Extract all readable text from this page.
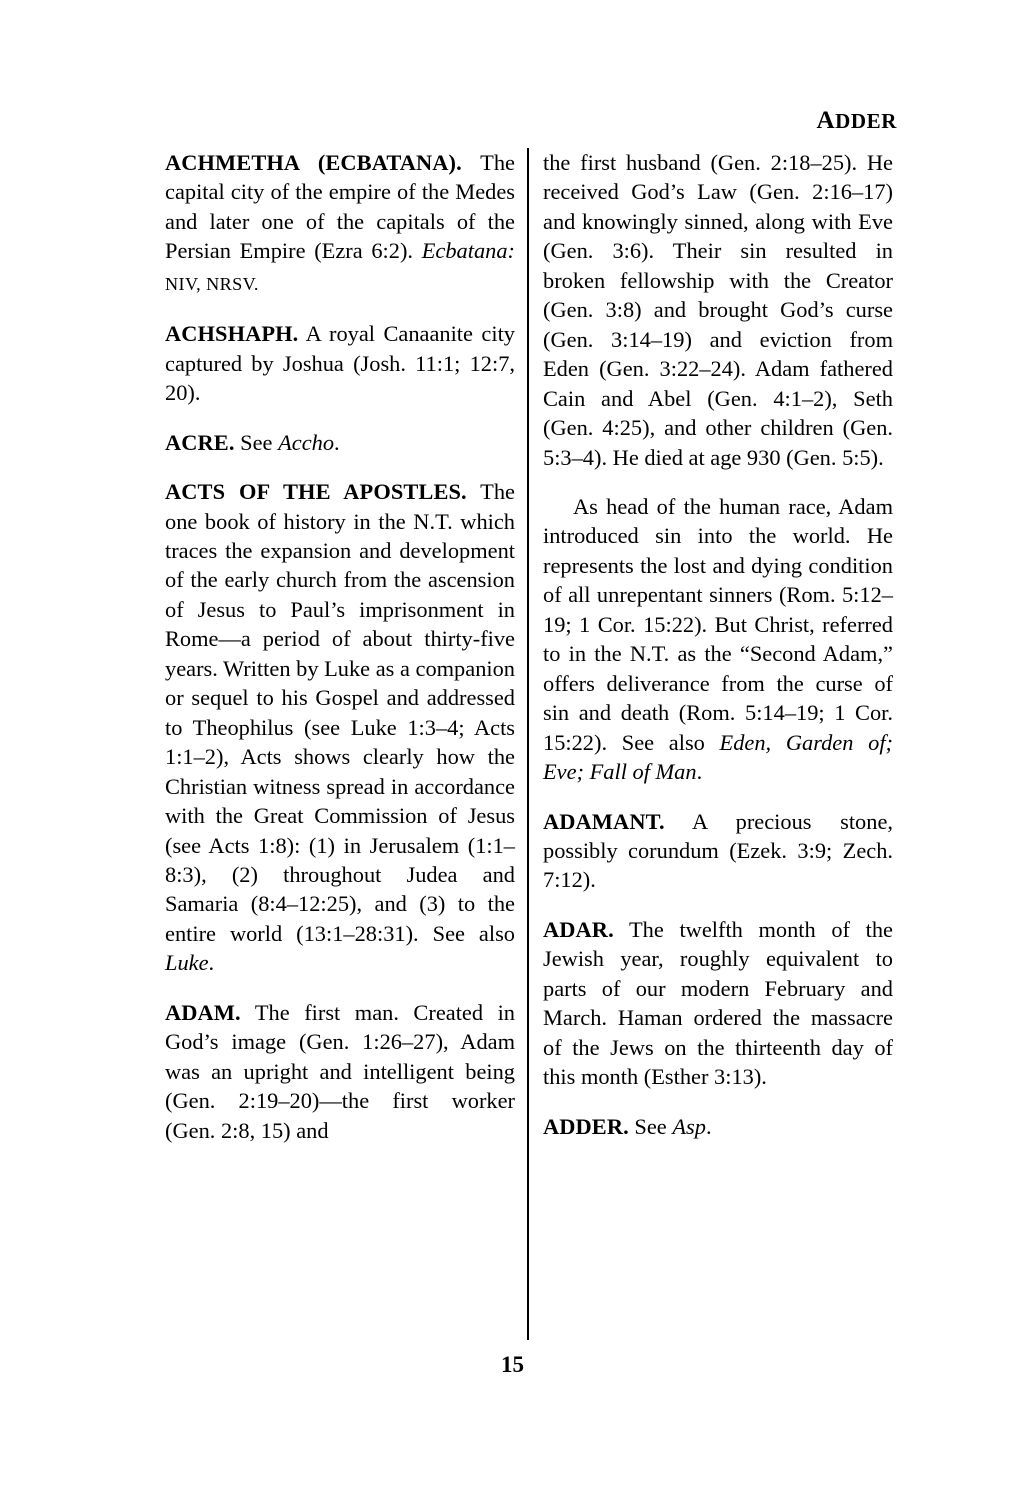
ADDER

ACHMETHA (ECBATANA). The capital city of the empire of the Medes and later one of the capitals of the Persian Empire (Ezra 6:2). Ecbatana: NIV, NRSV.

ACHSHAPH. A royal Canaanite city captured by Joshua (Josh. 11:1; 12:7, 20).

ACRE. See Accho.

ACTS OF THE APOSTLES. The one book of history in the N.T. which traces the expansion and development of the early church from the ascension of Jesus to Paul’s imprisonment in Rome—a period of about thirty-five years. Written by Luke as a companion or sequel to his Gospel and addressed to Theophilus (see Luke 1:3–4; Acts 1:1–2), Acts shows clearly how the Christian witness spread in accordance with the Great Commission of Jesus (see Acts 1:8): (1) in Jerusalem (1:1–8:3), (2) throughout Judea and Samaria (8:4–12:25), and (3) to the entire world (13:1–28:31). See also Luke.

ADAM. The first man. Created in God’s image (Gen. 1:26–27), Adam was an upright and intelligent being (Gen. 2:19–20)—the first worker (Gen. 2:8, 15) and

the first husband (Gen. 2:18–25). He received God’s Law (Gen. 2:16–17) and knowingly sinned, along with Eve (Gen. 3:6). Their sin resulted in broken fellowship with the Creator (Gen. 3:8) and brought God’s curse (Gen. 3:14–19) and eviction from Eden (Gen. 3:22–24). Adam fathered Cain and Abel (Gen. 4:1–2), Seth (Gen. 4:25), and other children (Gen. 5:3–4). He died at age 930 (Gen. 5:5).

As head of the human race, Adam introduced sin into the world. He represents the lost and dying condition of all unrepentant sinners (Rom. 5:12–19; 1 Cor. 15:22). But Christ, referred to in the N.T. as the “Second Adam,” offers deliverance from the curse of sin and death (Rom. 5:14–19; 1 Cor. 15:22). See also Eden, Garden of; Eve; Fall of Man.

ADAMANT. A precious stone, possibly corundum (Ezek. 3:9; Zech. 7:12).

ADAR. The twelfth month of the Jewish year, roughly equivalent to parts of our modern February and March. Haman ordered the massacre of the Jews on the thirteenth day of this month (Esther 3:13).

ADDER. See Asp.

15
